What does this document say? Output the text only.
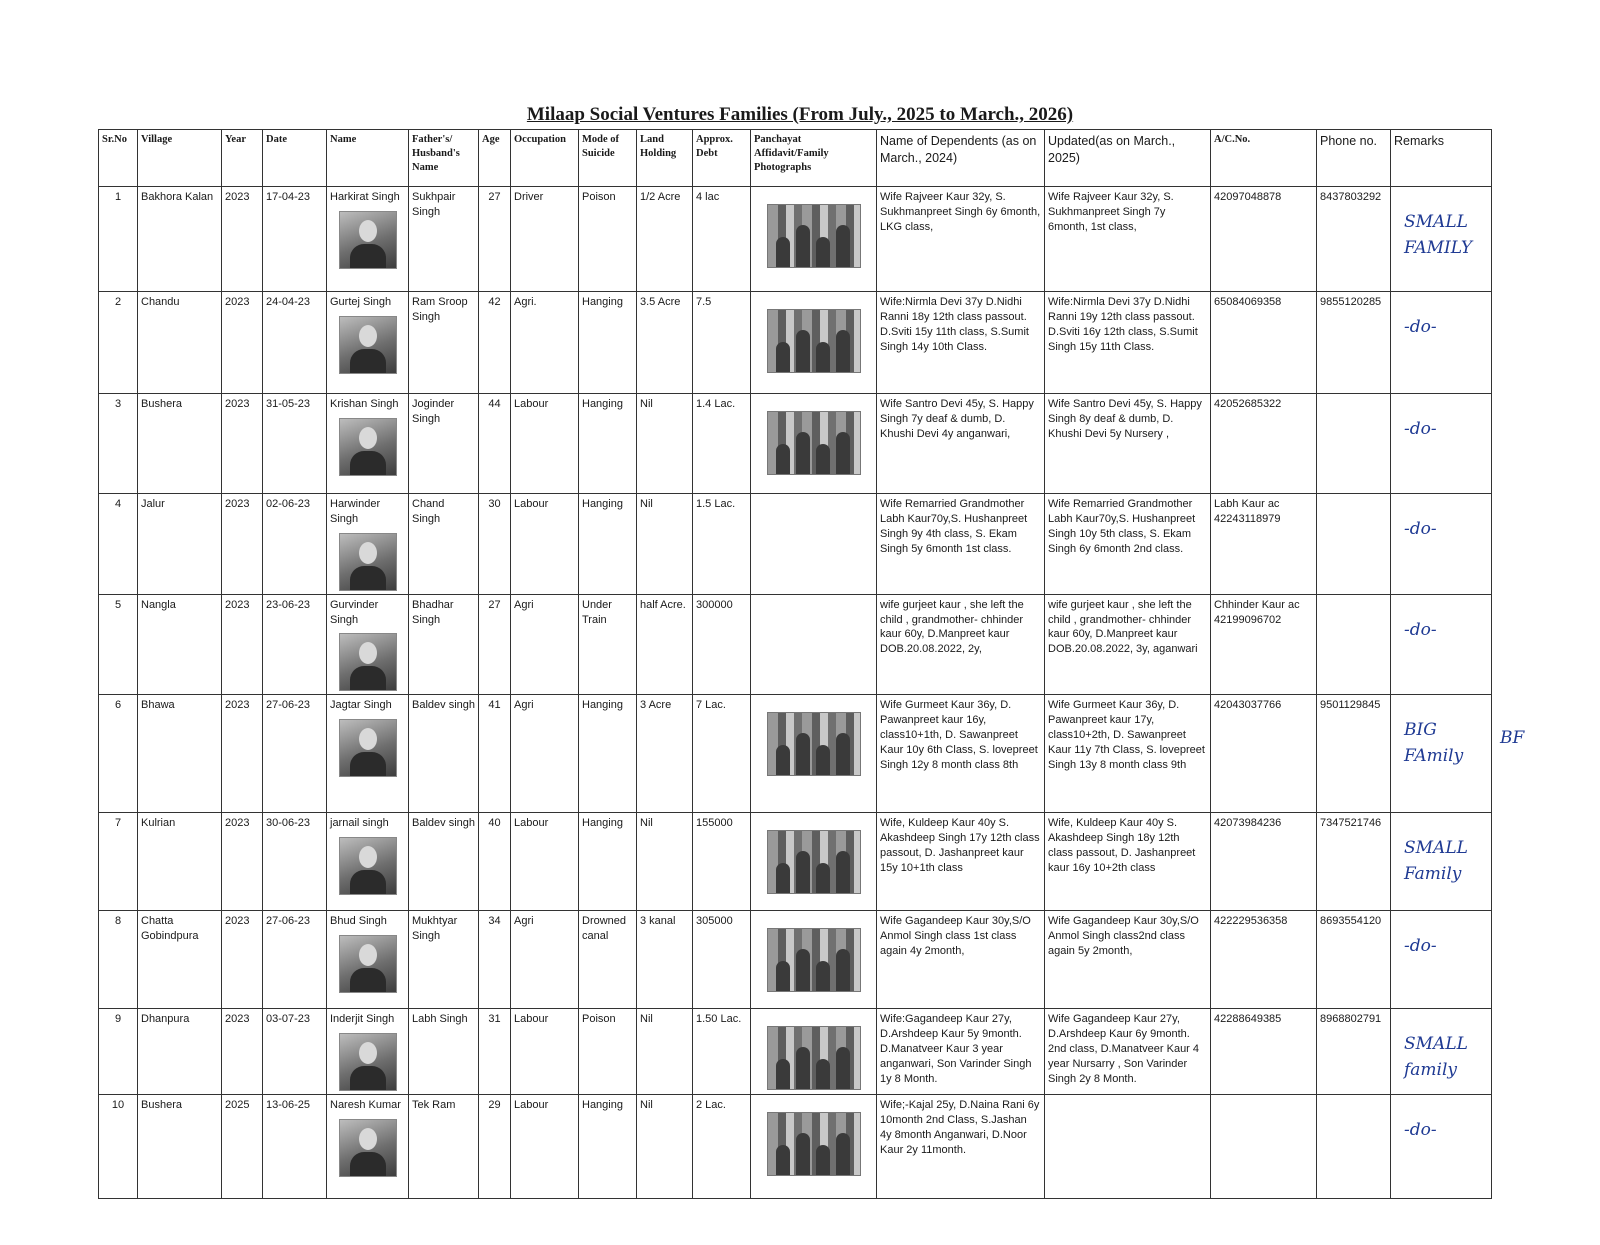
Milaap Social Ventures Families (From July., 2025 to March., 2026)
Sr.No	Village	Year	Date	Name	Father's/ Husband's Name	Age	Occupation	Mode of Suicide	Land Holding	Approx. Debt	Panchayat Affidavit/Family Photographs	Name of Dependents (as on March., 2024)	Updated(as on March., 2025)	A/C.No.	Phone no.	Remarks
1	Bakhora Kalan	2023	17-04-23	Harkirat Singh	Sukhpair Singh	27	Driver	Poison	1/2 Acre	4 lac		Wife Rajveer Kaur 32y, S. Sukhmanpreet Singh 6y 6month, LKG class,	Wife Rajveer Kaur 32y, S. Sukhmanpreet Singh 7y 6month, 1st class,	42097048878	8437803292	SMALL FAMILY

2	Chandu	2023	24-04-23	Gurtej Singh	Ram Sroop Singh	42	Agri.	Hanging	3.5 Acre	7.5		Wife:Nirmla Devi 37y D.Nidhi Ranni 18y 12th class passout. D.Sviti 15y 11th class, S.Sumit Singh 14y 10th Class.	Wife:Nirmla Devi 37y D.Nidhi Ranni 19y 12th class passout. D.Sviti 16y 12th class, S.Sumit Singh 15y 11th Class.	65084069358	9855120285	-do-

3	Bushera	2023	31-05-23	Krishan Singh	Joginder Singh	44	Labour	Hanging	Nil	1.4 Lac.		Wife Santro Devi 45y, S. Happy Singh 7y deaf & dumb, D. Khushi Devi 4y anganwari,	Wife Santro Devi 45y, S. Happy Singh 8y deaf & dumb, D. Khushi Devi 5y Nursery ,	42052685322		-do-

4	Jalur	2023	02-06-23	Harwinder Singh	Chand Singh	30	Labour	Hanging	Nil	1.5 Lac.		Wife Remarried Grandmother Labh Kaur70y,S. Hushanpreet Singh 9y 4th class, S. Ekam Singh 5y 6month 1st class.	Wife Remarried Grandmother Labh Kaur70y,S. Hushanpreet Singh 10y 5th class, S. Ekam Singh 6y 6month 2nd class.	Labh Kaur ac 42243118979		-do-

5	Nangla	2023	23-06-23	Gurvinder Singh	Bhadhar Singh	27	Agri	Under Train	half Acre.	300000		wife gurjeet kaur , she left the child , grandmother- chhinder kaur 60y, D.Manpreet kaur DOB.20.08.2022, 2y,	wife gurjeet kaur , she left the child , grandmother- chhinder kaur 60y, D.Manpreet kaur DOB.20.08.2022, 3y, aganwari	Chhinder Kaur ac 42199096702		-do-

6	Bhawa	2023	27-06-23	Jagtar Singh	Baldev singh	41	Agri	Hanging	3 Acre	7 Lac.		Wife Gurmeet Kaur 36y, D. Pawanpreet kaur 16y, class10+1th, D. Sawanpreet Kaur 10y 6th Class, S. lovepreet Singh 12y 8 month class 8th	Wife Gurmeet Kaur 36y, D. Pawanpreet kaur 17y, class10+2th, D. Sawanpreet Kaur 11y 7th Class, S. lovepreet Singh 13y 8 month class 9th	42043037766	9501129845	BIG FAmily

7	Kulrian	2023	30-06-23	jarnail singh	Baldev singh	40	Labour	Hanging	Nil	155000		Wife, Kuldeep Kaur 40y S. Akashdeep Singh 17y 12th class passout, D. Jashanpreet kaur 15y 10+1th class	Wife, Kuldeep Kaur 40y S. Akashdeep Singh 18y 12th class passout, D. Jashanpreet kaur 16y 10+2th class	42073984236	7347521746	SMALL Family

8	Chatta Gobindpura	2023	27-06-23	Bhud Singh	Mukhtyar Singh	34	Agri	Drowned canal	3 kanal	305000		Wife Gagandeep Kaur 30y,S/O Anmol Singh class 1st class again 4y 2month,	Wife Gagandeep Kaur 30y,S/O Anmol Singh class2nd class again 5y 2month,	422229536358	8693554120	-do-

9	Dhanpura	2023	03-07-23	Inderjit Singh	Labh Singh	31	Labour	Poison	Nil	1.50 Lac.		Wife:Gagandeep Kaur 27y, D.Arshdeep Kaur 5y 9month. D.Manatveer Kaur 3 year anganwari, Son Varinder Singh 1y 8 Month.	Wife Gagandeep Kaur 27y, D.Arshdeep Kaur 6y 9month. 2nd class, D.Manatveer Kaur 4 year Nursarry , Son Varinder Singh 2y 8 Month.	42288649385	8968802791	SMALL family

10	Bushera	2025	13-06-25	Naresh Kumar	Tek Ram	29	Labour	Hanging	Nil	2 Lac.		Wife;-Kajal 25y, D.Naina Rani 6y 10month 2nd Class, S.Jashan 4y 8month Anganwari, D.Noor Kaur 2y 11month.				-do-
BF
